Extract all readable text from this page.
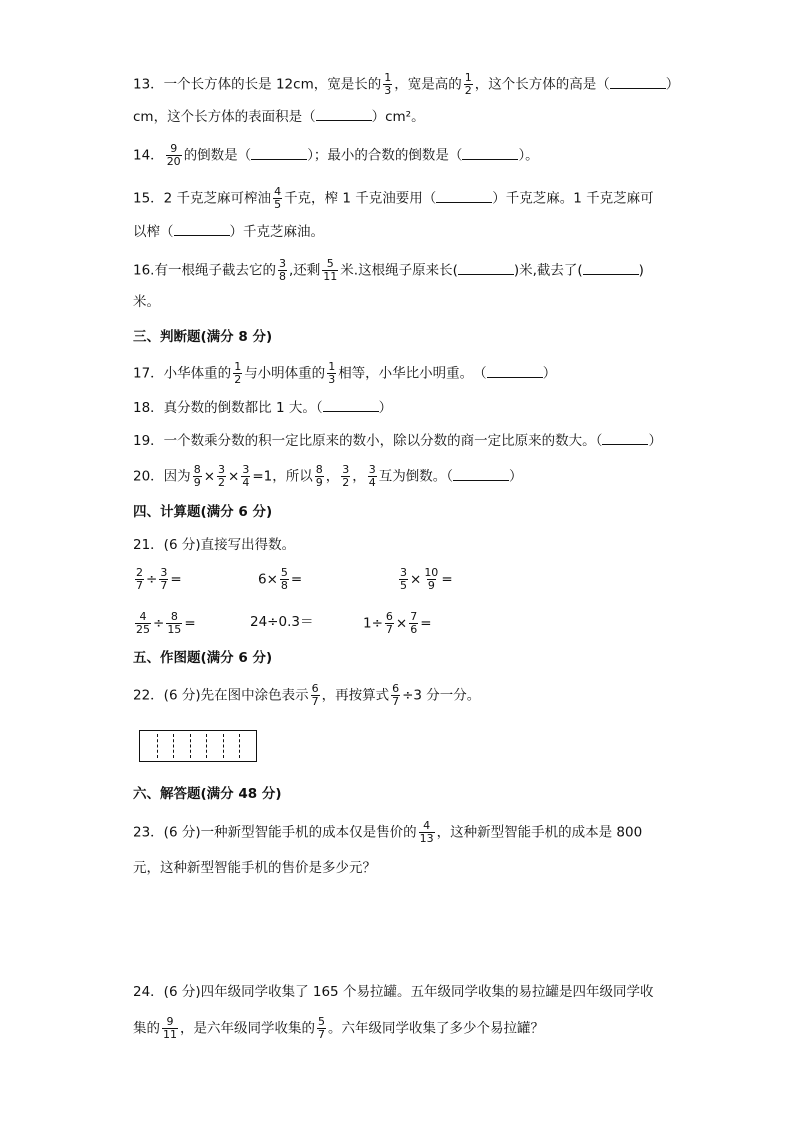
13．一个长方体的长是 12cm，宽是长的 $\frac{1}{3}$ ，宽是高的 $\frac{1}{2}$ ，这个长方体的高是（	）
cm，这个长方体的表面积是（	）cm²。
14． $\frac{9}{20}$ 的倒数是（	）；最小的合数的倒数是（	）。
15．2 千克芝麻可榨油 $\frac{4}{5}$ 千克，榨 1 千克油要用（	）千克芝麻。1 千克芝麻可
以榨（	）千克芝麻油。
16.有一根绳子截去它的 $\frac{3}{8}$ ,还剩 $\frac{5}{11}$ 米.这根绳子原来长(	)米,截去了(	)
米。
三、判断题(满分 8 分)
17．小华体重的 $\frac{1}{2}$ 与小明体重的 $\frac{1}{3}$ 相等，小华比小明重。　（	）
18．真分数的倒数都比 1 大。（	）
19．一个数乘分数的积一定比原来的数小，除以分数的商一定比原来的数大。（	）
20．因为 $\frac{8}{9} \times \frac{3}{2} \times \frac{3}{4} =1$，所以 $\frac{8}{9}$ ， $\frac{3}{2}$ ， $\frac{3}{4}$ 互为倒数。（	）
四、计算题(满分 6 分)
21．(6 分)直接写出得数。
$\frac{2}{7} \div \frac{3}{7}$ =	$6\times \frac{5}{8}$ =	$\frac{3}{5} \times \frac{10}{9}$ =
$\frac{4}{25} \div \frac{8}{15}$ =	24÷0.3＝	$1\div \frac{6}{7} \times \frac{7}{6}$ =
五、作图题(满分 6 分)
22．(6 分)先在图中涂色表示 $\frac{6}{7}$ ，再按算式 $\frac{6}{7} \div 3$ 分一分。
六、解答题(满分 48 分)
23．(6 分)一种新型智能手机的成本仅是售价的 $\frac{4}{13}$ ，这种新型智能手机的成本是 800
元，这种新型智能手机的售价是多少元？
24．(6 分)四年级同学收集了 165 个易拉罐。五年级同学收集的易拉罐是四年级同学收
集的 $\frac{9}{11}$ ，是六年级同学收集的 $\frac{5}{7}$ 。六年级同学收集了多少个易拉罐？
